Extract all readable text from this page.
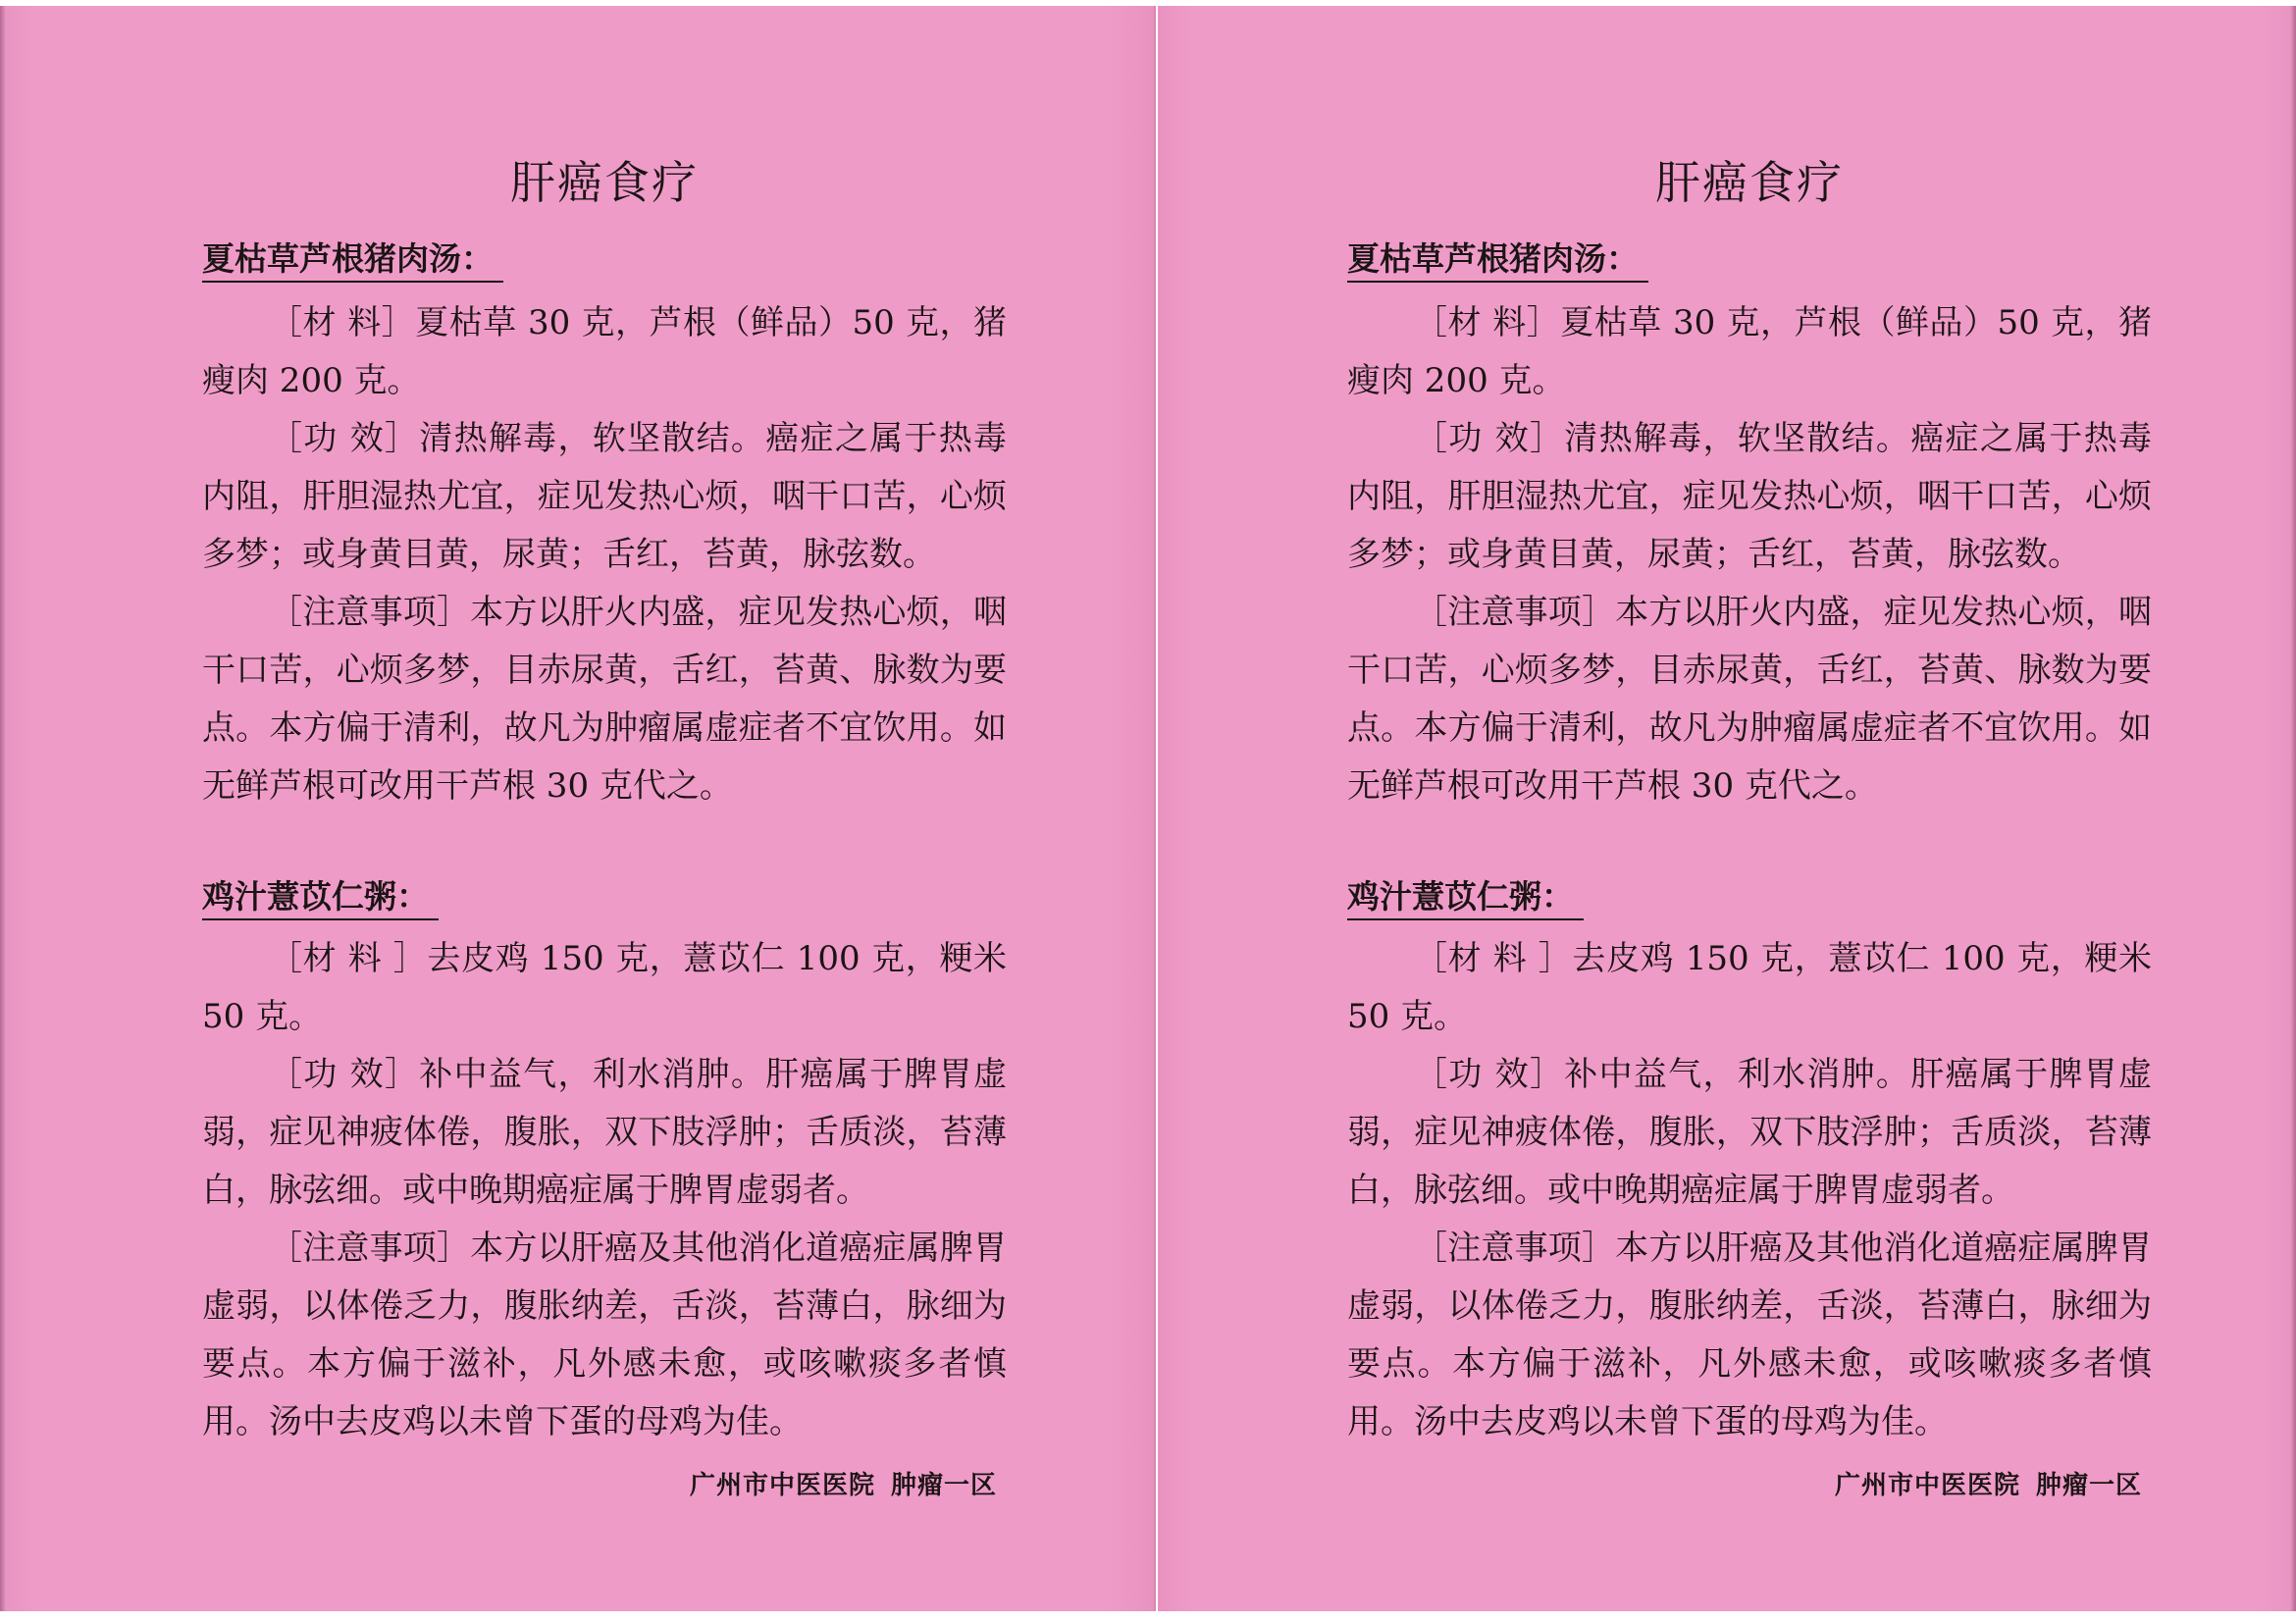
肝癌食疗
夏枯草芦根猪肉汤：

［材 料］夏枯草 30 克，芦根（鲜品）50 克，猪瘦肉 200 克。

［功 效］清热解毒，软坚散结。癌症之属于热毒内阻，肝胆湿热尤宜，症见发热心烦，咽干口苦，心烦多梦；或身黄目黄，尿黄；舌红，苔黄，脉弦数。

［注意事项］本方以肝火内盛，症见发热心烦，咽干口苦，心烦多梦，目赤尿黄，舌红，苔黄、脉数为要点。本方偏于清利，故凡为肿瘤属虚症者不宜饮用。如无鲜芦根可改用干芦根 30 克代之。

鸡汁薏苡仁粥：

［材 料 ］去皮鸡 150 克，薏苡仁 100 克，粳米 50 克。

［功 效］补中益气，利水消肿。肝癌属于脾胃虚弱，症见神疲体倦，腹胀，双下肢浮肿；舌质淡，苔薄白，脉弦细。或中晚期癌症属于脾胃虚弱者。

［注意事项］本方以肝癌及其他消化道癌症属脾胃虚弱，以体倦乏力，腹胀纳差，舌淡，苔薄白，脉细为要点。本方偏于滋补，凡外感未愈，或咳嗽痰多者慎用。汤中去皮鸡以未曾下蛋的母鸡为佳。

广州市中医医院 肿瘤一区
肝癌食疗
夏枯草芦根猪肉汤：

［材 料］夏枯草 30 克，芦根（鲜品）50 克，猪瘦肉 200 克。

［功 效］清热解毒，软坚散结。癌症之属于热毒内阻，肝胆湿热尤宜，症见发热心烦，咽干口苦，心烦多梦；或身黄目黄，尿黄；舌红，苔黄，脉弦数。

［注意事项］本方以肝火内盛，症见发热心烦，咽干口苦，心烦多梦，目赤尿黄，舌红，苔黄、脉数为要点。本方偏于清利，故凡为肿瘤属虚症者不宜饮用。如无鲜芦根可改用干芦根 30 克代之。

鸡汁薏苡仁粥：

［材 料 ］去皮鸡 150 克，薏苡仁 100 克，粳米 50 克。

［功 效］补中益气，利水消肿。肝癌属于脾胃虚弱，症见神疲体倦，腹胀，双下肢浮肿；舌质淡，苔薄白，脉弦细。或中晚期癌症属于脾胃虚弱者。

［注意事项］本方以肝癌及其他消化道癌症属脾胃虚弱，以体倦乏力，腹胀纳差，舌淡，苔薄白，脉细为要点。本方偏于滋补，凡外感未愈，或咳嗽痰多者慎用。汤中去皮鸡以未曾下蛋的母鸡为佳。

广州市中医医院 肿瘤一区
